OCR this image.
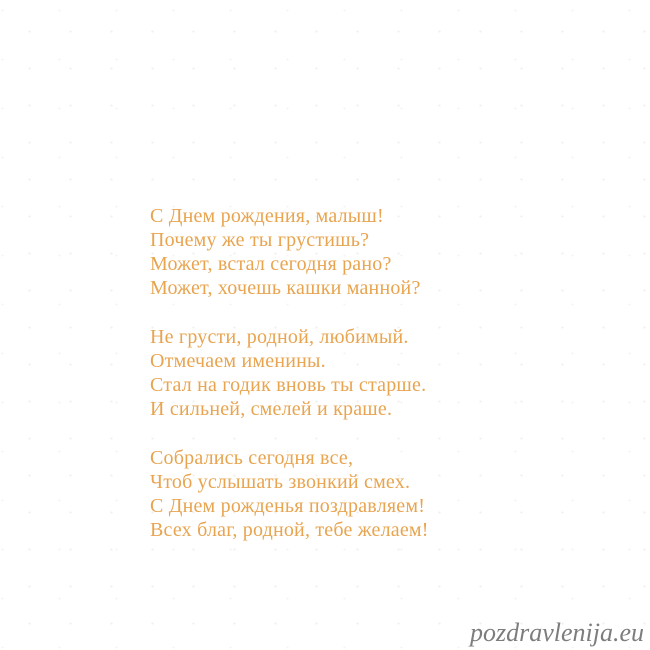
С Днем рождения, малыш!

Почему же ты грустишь?

Может, встал сегодня рано?

Может, хочешь кашки манной?

Не грусти, родной, любимый.

Отмечаем именины.

Стал на годик вновь ты старше.

И сильней, смелей и краше.

Собрались сегодня все,

Чтоб услышать звонкий смех.

С Днем рожденья поздравляем!

Всех благ, родной, тебе желаем!

pozdravlenija.eu
